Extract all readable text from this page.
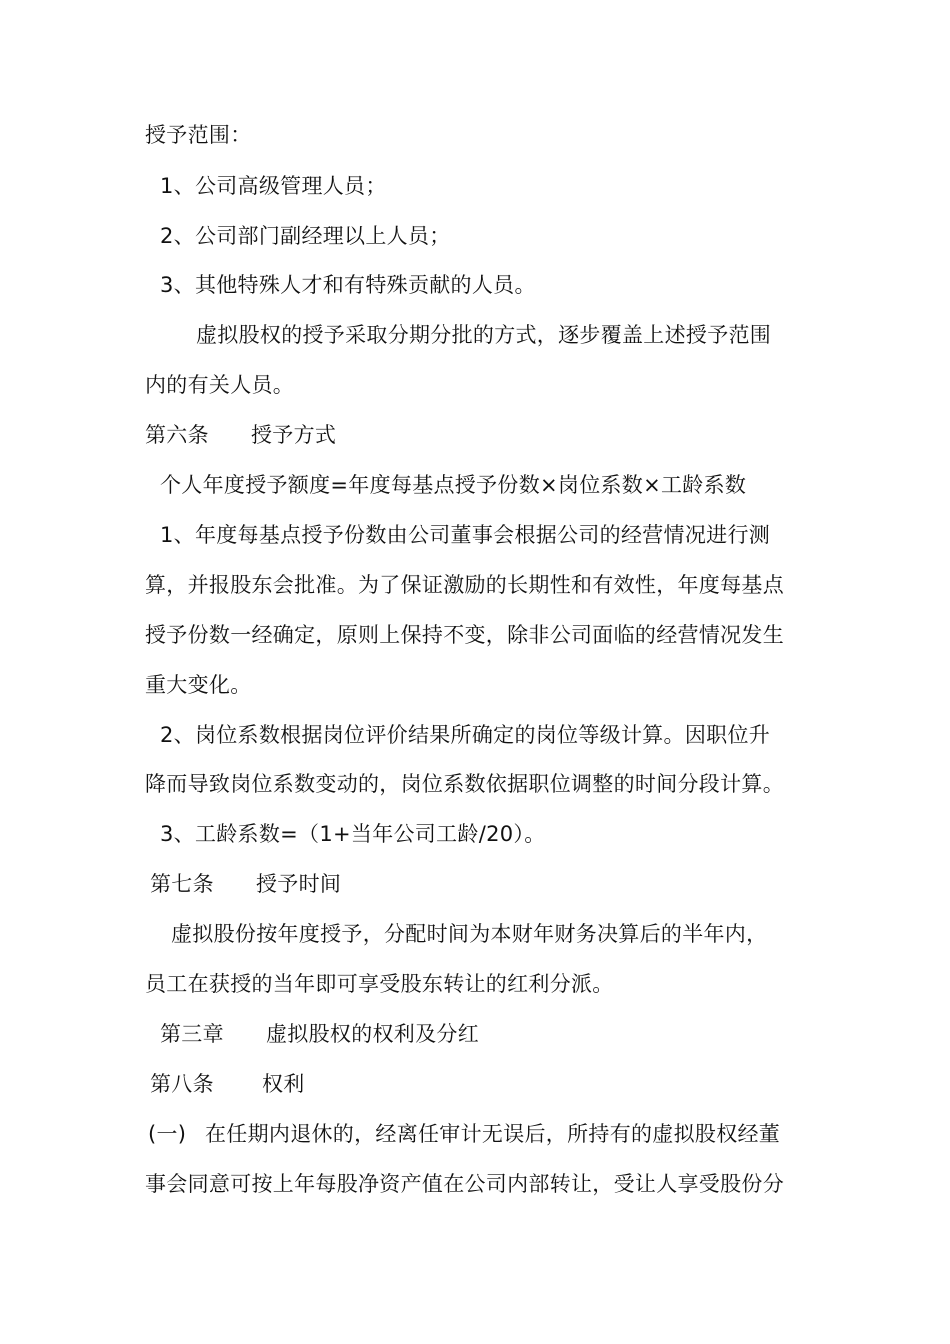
授予范围：
1、公司高级管理人员；
2、公司部门副经理以上人员；
3、其他特殊人才和有特殊贡献的人员。
虚拟股权的授予采取分期分批的方式，逐步覆盖上述授予范围
内的有关人员。
第六条 授予方式
个人年度授予额度=年度每基点授予份数×岗位系数×工龄系数
1、年度每基点授予份数由公司董事会根据公司的经营情况进行测
算，并报股东会批准。为了保证激励的长期性和有效性，年度每基点
授予份数一经确定，原则上保持不变，除非公司面临的经营情况发生
重大变化。
2、岗位系数根据岗位评价结果所确定的岗位等级计算。因职位升
降而导致岗位系数变动的，岗位系数依据职位调整的时间分段计算。
3、工龄系数=（1+当年公司工龄/20）。
第七条 授予时间
虚拟股份按年度授予，分配时间为本财年财务决算后的半年内，
员工在获授的当年即可享受股东转让的红利分派。
第三章 虚拟股权的权利及分红
第八条 权利
(一) 在任期内退休的，经离任审计无误后，所持有的虚拟股权经董
事会同意可按上年每股净资产值在公司内部转让，受让人享受股份分
